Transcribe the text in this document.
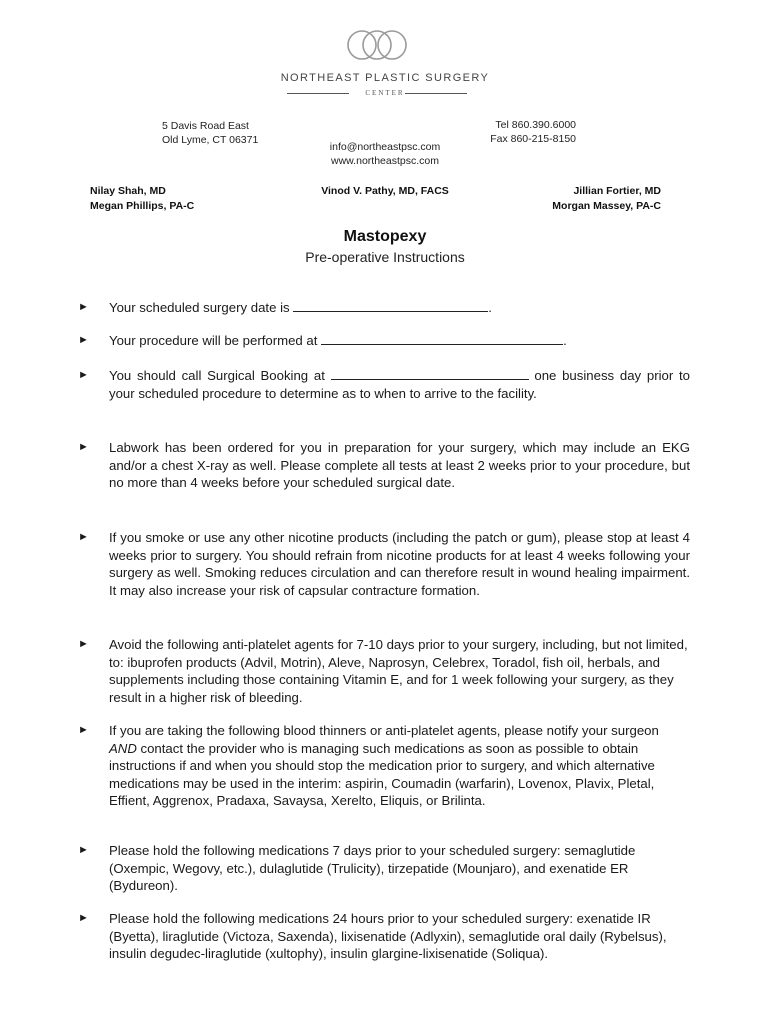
NORTHEAST PLASTIC SURGERY
CENTER
5 Davis Road East
Old Lyme, CT 06371
info@northeastpsc.com
www.northeastpsc.com
Tel 860.390.6000
Fax 860-215-8150
Nilay Shah, MD
Megan Phillips, PA-C
Vinod V. Pathy, MD, FACS	Jillian Fortier, MD
Morgan Massey, PA-C
Mastopexy
Pre-operative Instructions
► Your scheduled surgery date is	.
► Your procedure will be performed at	.
► You should call Surgical Booking at	one business day prior to your scheduled procedure to determine as to when to arrive to the facility.
► Labwork has been ordered for you in preparation for your surgery, which may include an EKG and/or a chest X-ray as well. Please complete all tests at least 2 weeks prior to your procedure, but no more than 4 weeks before your scheduled surgical date.
► If you smoke or use any other nicotine products (including the patch or gum), please stop at least 4 weeks prior to surgery. You should refrain from nicotine products for at least 4 weeks following your surgery as well. Smoking reduces circulation and can therefore result in wound healing impairment. It may also increase your risk of capsular contracture formation.
► Avoid the following anti-platelet agents for 7-10 days prior to your surgery, including, but not limited, to: ibuprofen products (Advil, Motrin), Aleve, Naprosyn, Celebrex, Toradol, fish oil, herbals, and supplements including those containing Vitamin E, and for 1 week following your surgery, as they result in a higher risk of bleeding.
► If you are taking the following blood thinners or anti-platelet agents, please notify your surgeon AND contact the provider who is managing such medications as soon as possible to obtain instructions if and when you should stop the medication prior to surgery, and which alternative medications may be used in the interim: aspirin, Coumadin (warfarin), Lovenox, Plavix, Pletal, Effient, Aggrenox, Pradaxa, Savaysa, Xerelto, Eliquis, or Brilinta.
► Please hold the following medications 7 days prior to your scheduled surgery: semaglutide (Oxempic, Wegovy, etc.), dulaglutide (Trulicity), tirzepatide (Mounjaro), and exenatide ER (Bydureon).
► Please hold the following medications 24 hours prior to your scheduled surgery: exenatide IR (Byetta), liraglutide (Victoza, Saxenda), lixisenatide (Adlyxin), semaglutide oral daily (Rybelsus), insulin degudec-liraglutide (xultophy), insulin glargine-lixisenatide (Soliqua).
